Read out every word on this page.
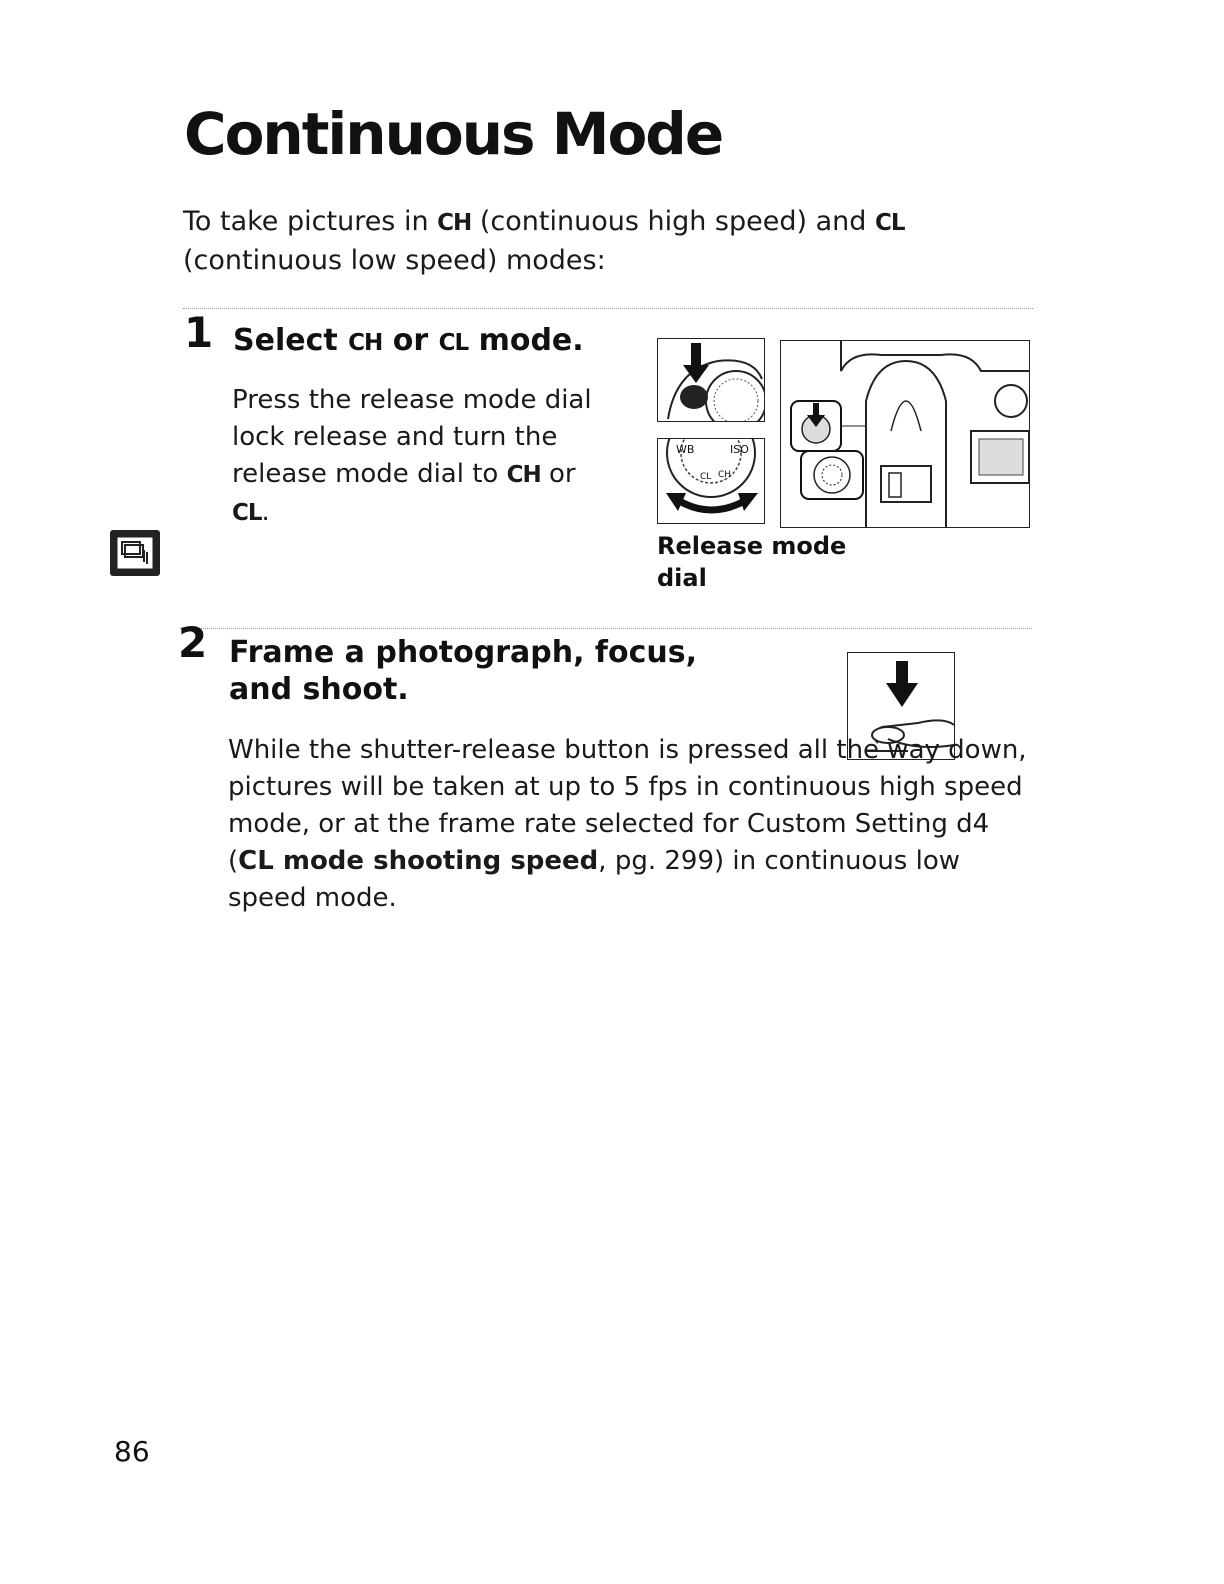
Continuous Mode

To take pictures in CH (continuous high speed) and CL (continuous low speed) modes:

1 Select CH or CL mode.

Press the release mode dial lock release and turn the release mode dial to CH or CL.

WB	ISO
CL CH
Release mode dial
2 Frame a photograph, focus, and shoot.

While the shutter-release button is pressed all the way down, pictures will be taken at up to 5 fps in continuous high speed mode, or at the frame rate selected for Custom Setting d4 (CL mode shooting speed, pg. 299) in continuous low speed mode.

86
